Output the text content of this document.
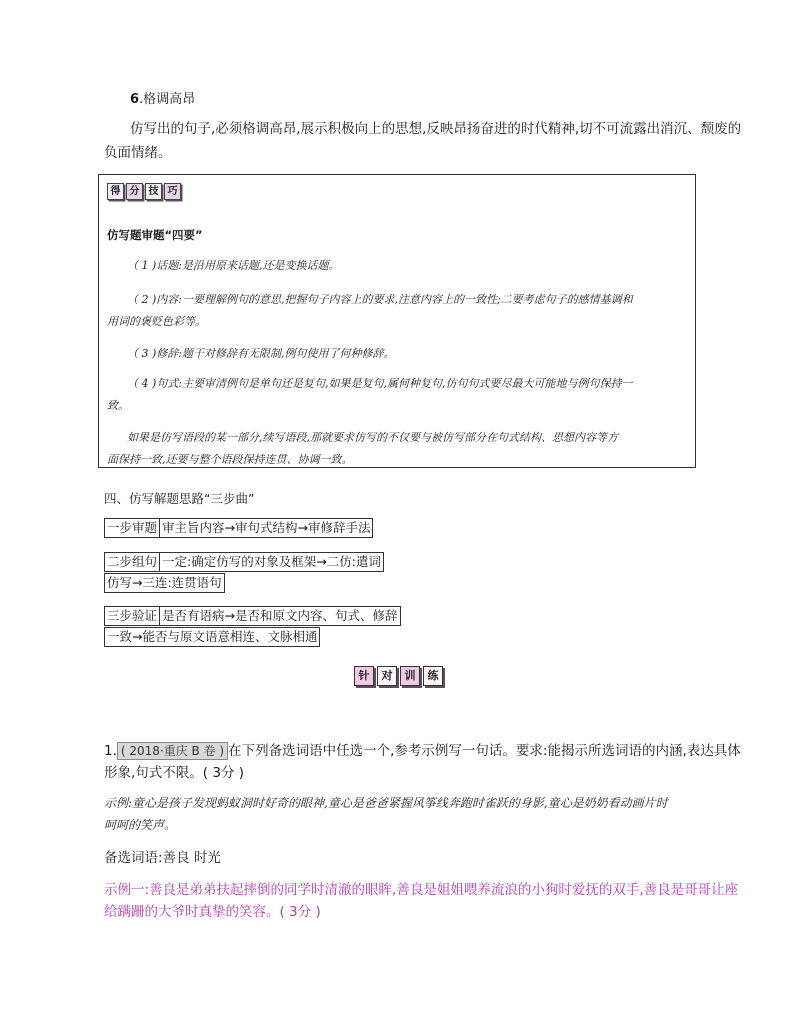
6.格调高昂
仿写出的句子,必须格调高昂,展示积极向上的思想,反映昂扬奋进的时代精神,切不可流露出消沉、颓废的
负面情绪。
得 分 技 巧
仿写题审题“四要”
（ 1 )话题:是沿用原来话题,还是变换话题。
（ 2 )内容:一要理解例句的意思,把握句子内容上的要求,注意内容上的一致性;二要考虑句子的感情基调和
用词的褒贬色彩等。
（ 3 )修辞:题干对修辞有无限制,例句使用了何种修辞。
（ 4 )句式:主要审清例句是单句还是复句,如果是复句,属何种复句,仿句句式要尽最大可能地与例句保持一
致。
如果是仿写语段的某一部分,续写语段,那就要求仿写的不仅要与被仿写部分在句式结构、思想内容等方
面保持一致,还要与整个语段保持连贯、协调一致。
四、仿写解题思路“三步曲”
一步审题 审主旨内容→审句式结构→审修辞手法
二步组句 一定:确定仿写的对象及框架→二仿:遣词
仿写→三连:连贯语句
三步验证 是否有语病→是否和原文内容、句式、修辞
一致→能否与原文语意相连、文脉相通
针	对	训	练
1. ( 2018·重庆 B 卷 ) 在下列备选词语中任选一个,参考示例写一句话。要求:能揭示所选词语的内涵,表达具体
形象,句式不限。( 3分 )
示例:童心是孩子发现蚂蚁洞时好奇的眼神,童心是爸爸紧握风筝线奔跑时雀跃的身影,童心是奶奶看动画片时
呵呵的笑声。
备选词语:善良 时光
示例一:善良是弟弟扶起摔倒的同学时清澈的眼眸,善良是姐姐喂养流浪的小狗时爱抚的双手,善良是哥哥让座
给蹒跚的大爷时真挚的笑容。( 3分 )
